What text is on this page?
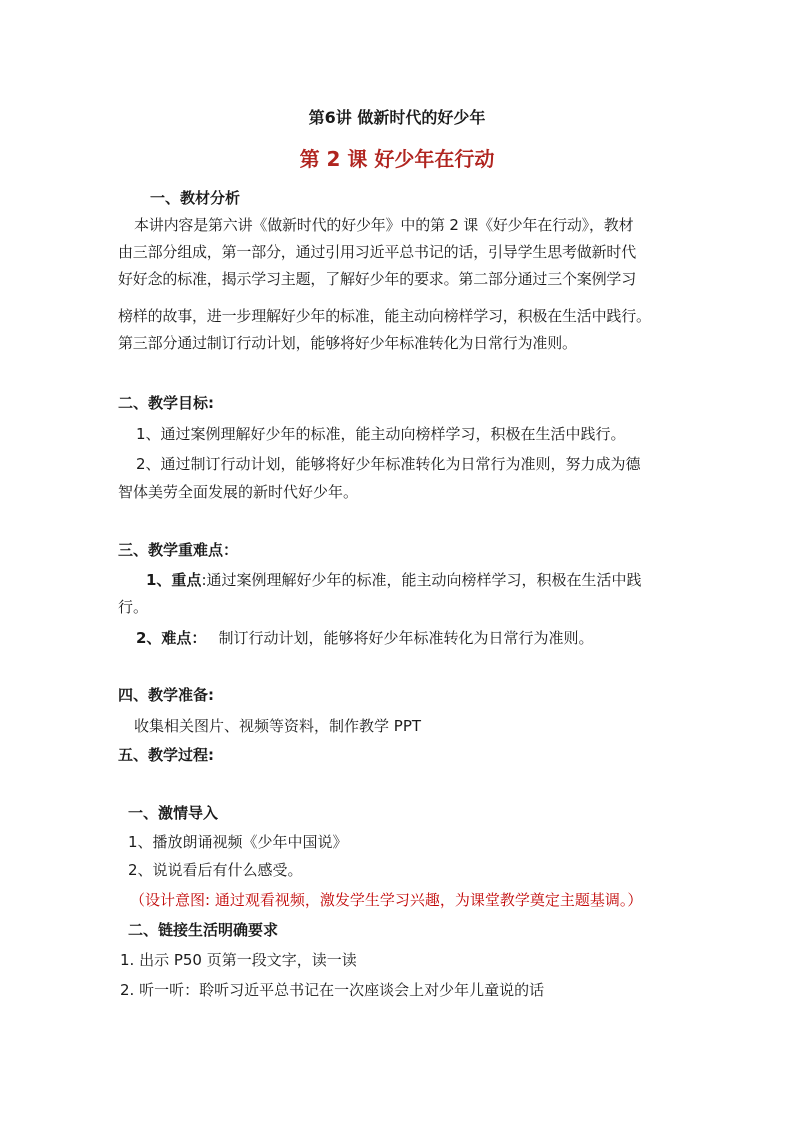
第6讲 做新时代的好少年
第 2 课 好少年在行动
一、教材分析
本讲内容是第六讲《做新时代的好少年》中的第 2 课《好少年在行动》，教材
由三部分组成，第一部分，通过引用习近平总书记的话，引导学生思考做新时代
好好念的标准，揭示学习主题，了解好少年的要求。第二部分通过三个案例学习
榜样的故事，进一步理解好少年的标准，能主动向榜样学习，积极在生活中践行。
第三部分通过制订行动计划，能够将好少年标准转化为日常行为准则。
二、教学目标:
1、通过案例理解好少年的标准，能主动向榜样学习，积极在生活中践行。
2、通过制订行动计划，能够将好少年标准转化为日常行为准则，努力成为德
智体美劳全面发展的新时代好少年。
三、教学重难点：
1、重点:通过案例理解好少年的标准，能主动向榜样学习，积极在生活中践
行。
2、难点： 制订行动计划，能够将好少年标准转化为日常行为准则。
四、教学准备:
收集相关图片、视频等资料，制作教学 PPT
五、教学过程:
一、激情导入
1、播放朗诵视频《少年中国说》
2、说说看后有什么感受。
（设计意图: 通过观看视频，激发学生学习兴趣，为课堂教学奠定主题基调。）
二、链接生活明确要求
1. 出示 P50 页第一段文字，读一读
2. 听一听：聆听习近平总书记在一次座谈会上对少年儿童说的话
